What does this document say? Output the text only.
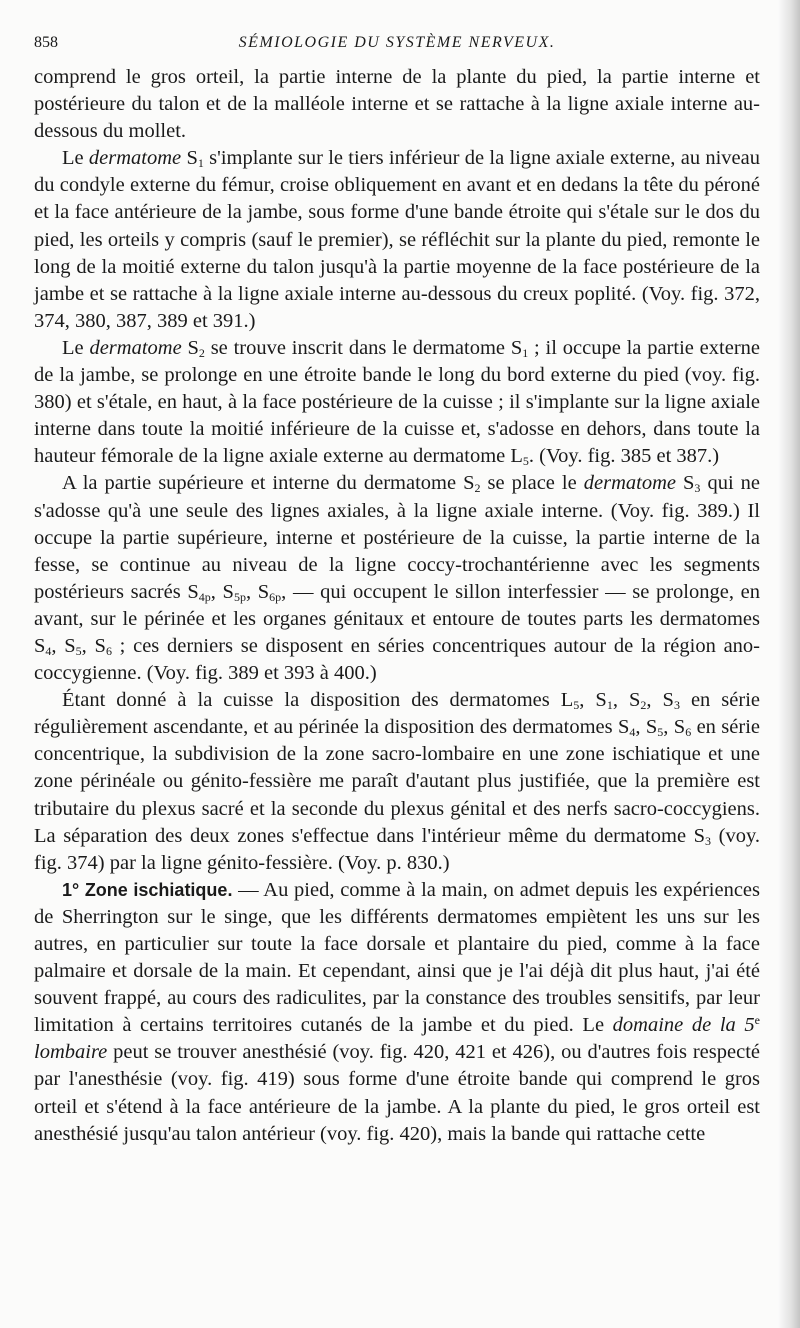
858	SÉMIOLOGIE DU SYSTÈME NERVEUX.

comprend le gros orteil, la partie interne de la plante du pied, la partie interne et postérieure du talon et de la malléole interne et se rattache à la ligne axiale interne au-dessous du mollet.

Le dermatome $S_1$ s'implante sur le tiers inférieur de la ligne axiale externe, au niveau du condyle externe du fémur, croise obliquement en avant et en dedans la tête du péroné et la face antérieure de la jambe, sous forme d'une bande étroite qui s'étale sur le dos du pied, les orteils y compris (sauf le premier), se réfléchit sur la plante du pied, remonte le long de la moitié externe du talon jusqu'à la partie moyenne de la face postérieure de la jambe et se rattache à la ligne axiale interne au-dessous du creux poplité. (Voy. fig. 372, 374, 380, 387, 389 et 391.)

Le dermatome $S_2$ se trouve inscrit dans le dermatome $S_1$ ; il occupe la partie externe de la jambe, se prolonge en une étroite bande le long du bord externe du pied (voy. fig. 380) et s'étale, en haut, à la face postérieure de la cuisse ; il s'implante sur la ligne axiale interne dans toute la moitié inférieure de la cuisse et, s'adosse en dehors, dans toute la hauteur fémorale de la ligne axiale externe au dermatome $L_5$. (Voy. fig. 385 et 387.)

A la partie supérieure et interne du dermatome $S_2$ se place le dermatome $S_3$ qui ne s'adosse qu'à une seule des lignes axiales, à la ligne axiale interne. (Voy. fig. 389.) Il occupe la partie supérieure, interne et postérieure de la cuisse, la partie interne de la fesse, se continue au niveau de la ligne coccy-trochantérienne avec les segments postérieurs sacrés $S_{4p}$, $S_{5p}$, $S_{6p}$, — qui occupent le sillon interfessier — se prolonge, en avant, sur le périnée et les organes génitaux et entoure de toutes parts les dermatomes $S_4$, $S_5$, $S_6$ ; ces derniers se disposent en séries concentriques autour de la région ano-coccygienne. (Voy. fig. 389 et 393 à 400.)

Étant donné à la cuisse la disposition des dermatomes $L_5$, $S_1$, $S_2$, $S_3$ en série régulièrement ascendante, et au périnée la disposition des dermatomes $S_4$, $S_5$, $S_6$ en série concentrique, la subdivision de la zone sacro-lombaire en une zone ischiatique et une zone périnéale ou génito-fessière me paraît d'autant plus justifiée, que la première est tributaire du plexus sacré et la seconde du plexus génital et des nerfs sacro-coccygiens. La séparation des deux zones s'effectue dans l'intérieur même du dermatome $S_3$ (voy. fig. 374) par la ligne génito-fessière. (Voy. p. 830.)

1° Zone ischiatique. — Au pied, comme à la main, on admet depuis les expériences de Sherrington sur le singe, que les différents dermatomes empiètent les uns sur les autres, en particulier sur toute la face dorsale et plantaire du pied, comme à la face palmaire et dorsale de la main. Et cependant, ainsi que je l'ai déjà dit plus haut, j'ai été souvent frappé, au cours des radiculites, par la constance des troubles sensitifs, par leur limitation à certains territoires cutanés de la jambe et du pied. Le domaine de la 5e lombaire peut se trouver anesthésié (voy. fig. 420, 421 et 426), ou d'autres fois respecté par l'anesthésie (voy. fig. 419) sous forme d'une étroite bande qui comprend le gros orteil et s'étend à la face antérieure de la jambe. A la plante du pied, le gros orteil est anesthésié jusqu'au talon antérieur (voy. fig. 420), mais la bande qui rattache cette
